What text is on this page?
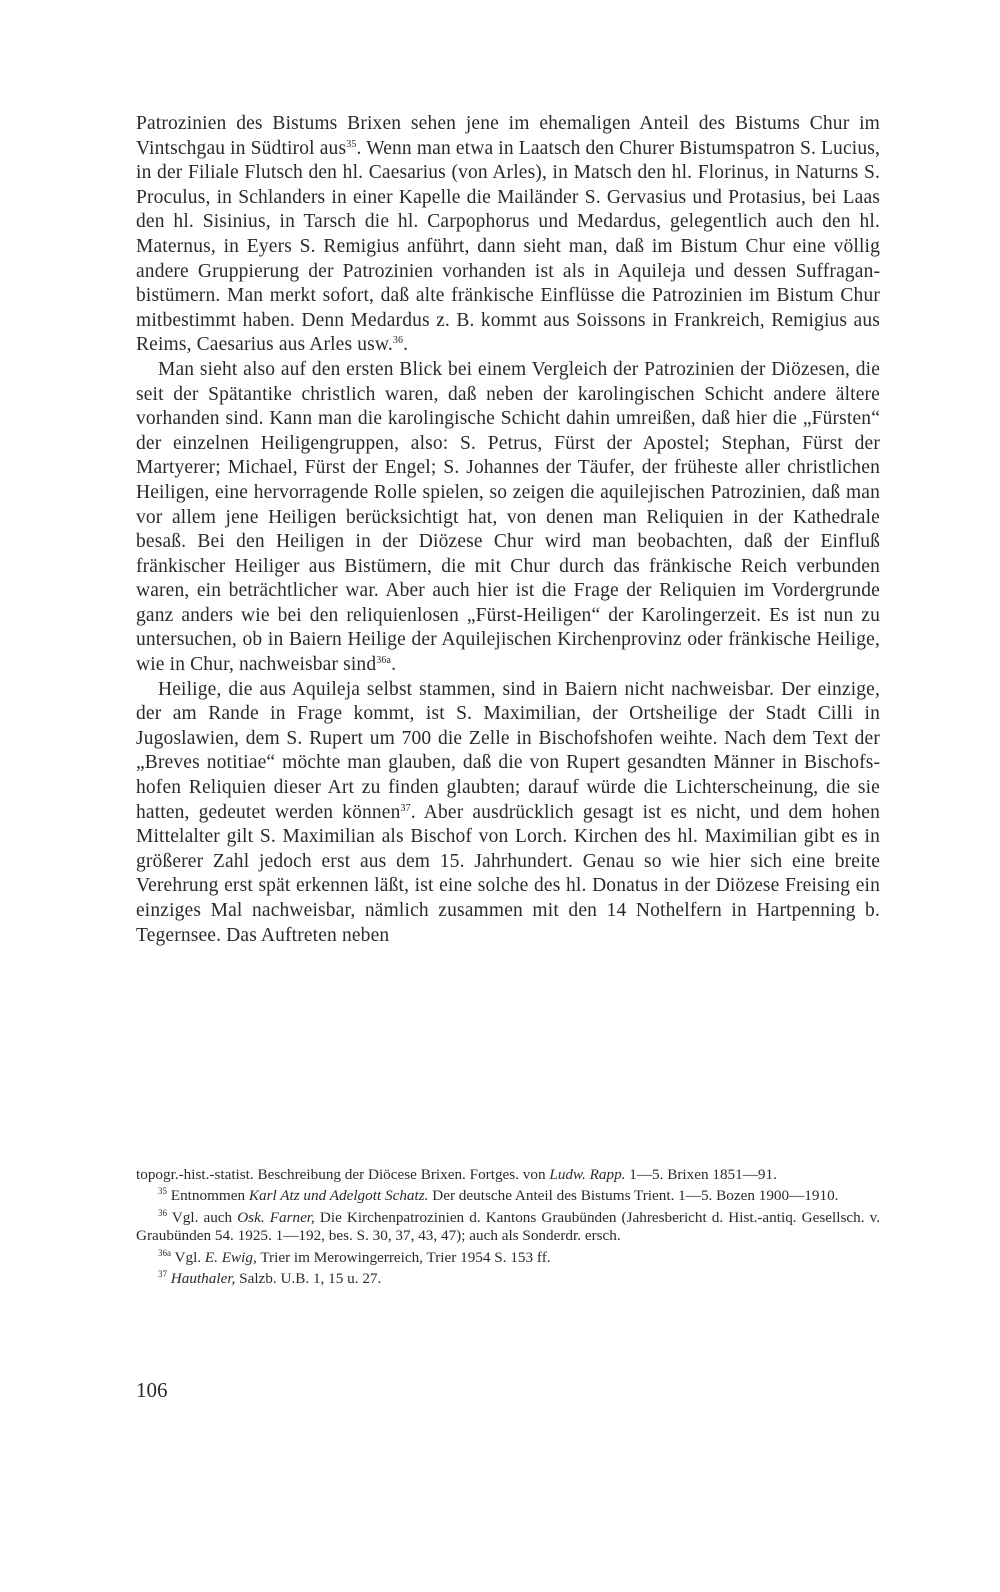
Patrozinien des Bistums Brixen sehen jene im ehemaligen Anteil des Bistums Chur im Vintschgau in Südtirol aus$^{35}$. Wenn man etwa in Laatsch den Churer Bistumspatron S. Lucius, in der Filiale Flutsch den hl. Caesarius (von Arles), in Matsch den hl. Florinus, in Naturns S. Proculus, in Schlanders in einer Kapelle die Mailänder S. Gervasius und Protasius, bei Laas den hl. Sisinius, in Tarsch die hl. Carpophorus und Medardus, gelegentlich auch den hl. Maternus, in Eyers S. Remigius anführt, dann sieht man, daß im Bistum Chur eine völlig andere Gruppierung der Patrozinien vorhanden ist als in Aquileja und dessen Suffraganbistümern. Man merkt sofort, daß alte fränkische Einflüsse die Patrozinien im Bistum Chur mitbestimmt haben. Denn Medardus z. B. kommt aus Soissons in Frankreich, Remigius aus Reims, Caesarius aus Arles usw.$^{36}$.

Man sieht also auf den ersten Blick bei einem Vergleich der Patrozinien der Diözesen, die seit der Spätantike christlich waren, daß neben der karolingischen Schicht andere ältere vorhanden sind. Kann man die karolingische Schicht dahin umreißen, daß hier die „Fürsten“ der einzelnen Heiligengruppen, also: S. Petrus, Fürst der Apostel; Stephan, Fürst der Martyerer; Michael, Fürst der Engel; S. Johannes der Täufer, der früheste aller christlichen Heiligen, eine hervorragende Rolle spielen, so zeigen die aquilejischen Patrozinien, daß man vor allem jene Heiligen berücksichtigt hat, von denen man Reliquien in der Kathedrale besaß. Bei den Heiligen in der Diözese Chur wird man beobachten, daß der Einfluß fränkischer Heiliger aus Bistümern, die mit Chur durch das fränkische Reich verbunden waren, ein beträchtlicher war. Aber auch hier ist die Frage der Reliquien im Vordergrunde ganz anders wie bei den reliquienlosen „Fürst-Heiligen“ der Karolingerzeit. Es ist nun zu untersuchen, ob in Baiern Heilige der Aquilejischen Kirchenprovinz oder fränkische Heilige, wie in Chur, nachweisbar sind$^{36a}$.

Heilige, die aus Aquileja selbst stammen, sind in Baiern nicht nachweisbar. Der einzige, der am Rande in Frage kommt, ist S. Maximilian, der Ortsheilige der Stadt Cilli in Jugoslawien, dem S. Rupert um 700 die Zelle in Bischofshofen weihte. Nach dem Text der „Breves notitiae“ möchte man glauben, daß die von Rupert gesandten Männer in Bischofshofen Reliquien dieser Art zu finden glaubten; darauf würde die Lichterscheinung, die sie hatten, gedeutet werden können$^{37}$. Aber ausdrücklich gesagt ist es nicht, und dem hohen Mittelalter gilt S. Maximilian als Bischof von Lorch. Kirchen des hl. Maximilian gibt es in größerer Zahl jedoch erst aus dem 15. Jahrhundert. Genau so wie hier sich eine breite Verehrung erst spät erkennen läßt, ist eine solche des hl. Donatus in der Diözese Freising ein einziges Mal nachweisbar, nämlich zusammen mit den 14 Nothelfern in Hartpenning b. Tegernsee. Das Auftreten neben

topogr.-hist.-statist. Beschreibung der Diöcese Brixen. Fortges. von Ludw. Rapp. 1—5. Brixen 1851—91.

$^{35}$ Entnommen Karl Atz und Adelgott Schatz. Der deutsche Anteil des Bistums Trient. 1—5. Bozen 1900—1910.

$^{36}$ Vgl. auch Osk. Farner, Die Kirchenpatrozinien d. Kantons Graubünden (Jahresbericht d. Hist.-antiq. Gesellsch. v. Graubünden 54. 1925. 1—192, bes. S. 30, 37, 43, 47); auch als Sonderdr. ersch.

$^{36a}$ Vgl. E. Ewig, Trier im Merowingerreich, Trier 1954 S. 153 ff.

$^{37}$ Hauthaler, Salzb. U.B. 1, 15 u. 27.

106
